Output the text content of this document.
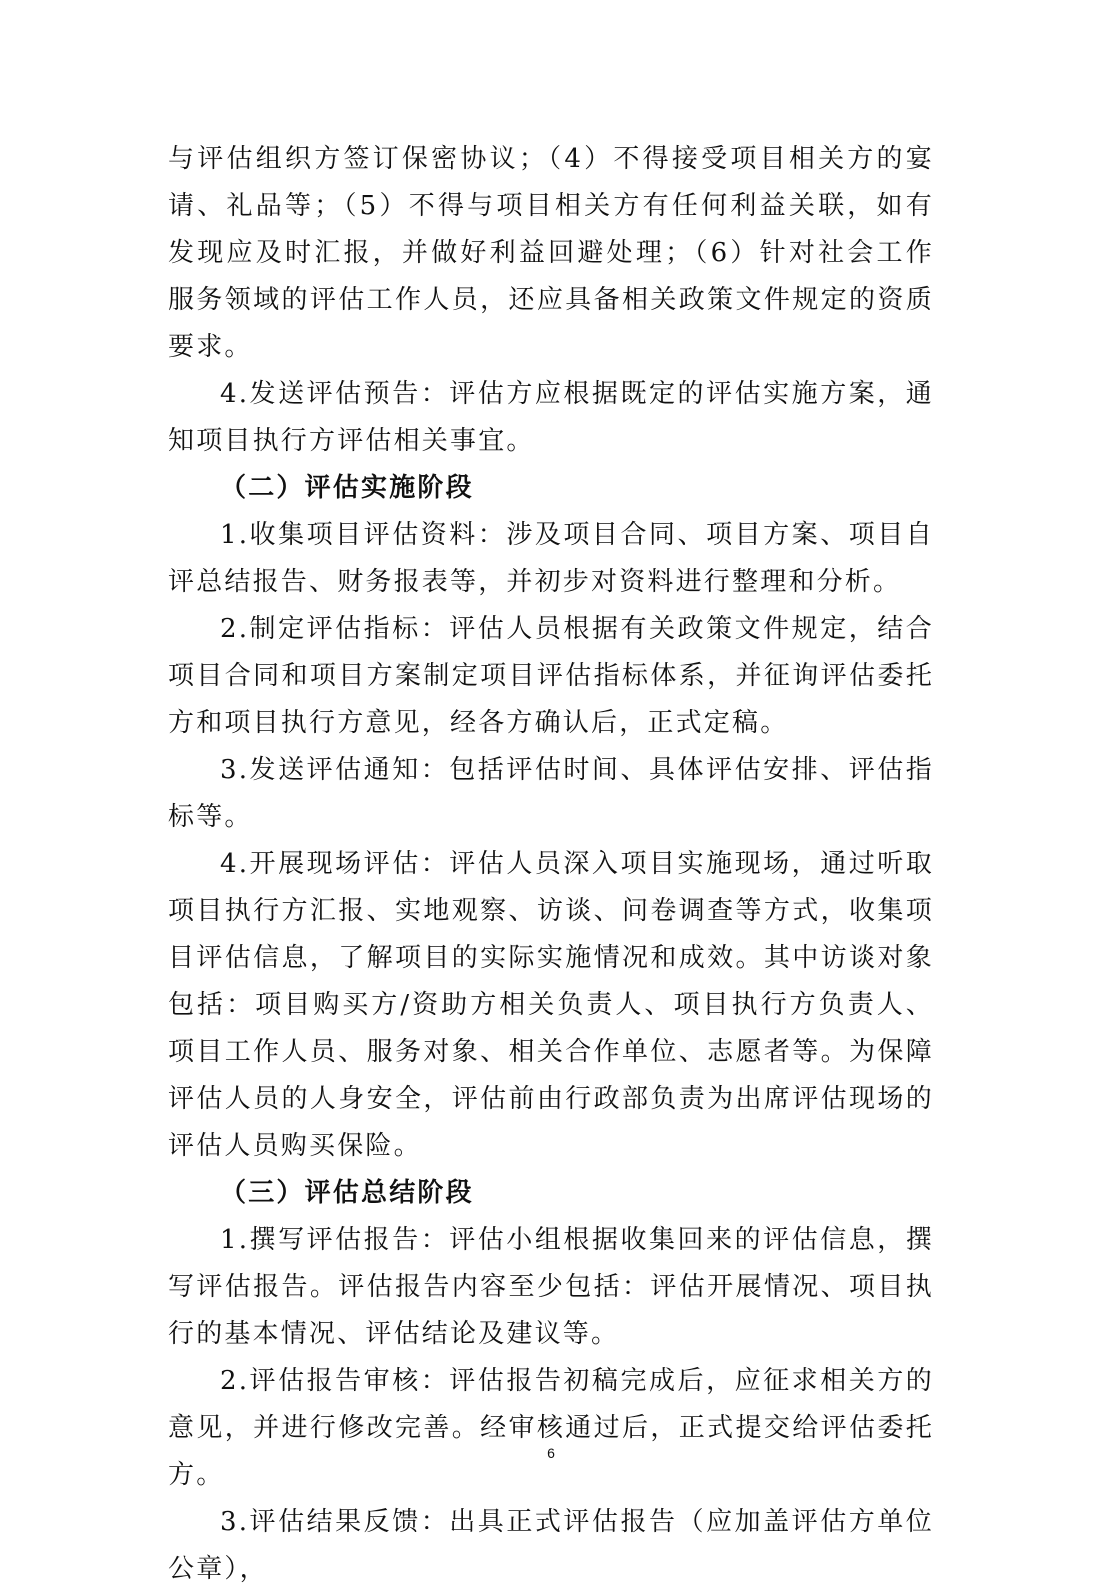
与评估组织方签订保密协议；（4）不得接受项目相关方的宴请、礼品等；（5）不得与项目相关方有任何利益关联，如有发现应及时汇报，并做好利益回避处理；（6）针对社会工作服务领域的评估工作人员，还应具备相关政策文件规定的资质要求。

4.发送评估预告：评估方应根据既定的评估实施方案，通知项目执行方评估相关事宜。

（二）评估实施阶段

1.收集项目评估资料：涉及项目合同、项目方案、项目自评总结报告、财务报表等，并初步对资料进行整理和分析。

2.制定评估指标：评估人员根据有关政策文件规定，结合项目合同和项目方案制定项目评估指标体系，并征询评估委托方和项目执行方意见，经各方确认后，正式定稿。

3.发送评估通知：包括评估时间、具体评估安排、评估指标等。

4.开展现场评估：评估人员深入项目实施现场，通过听取项目执行方汇报、实地观察、访谈、问卷调查等方式，收集项目评估信息，了解项目的实际实施情况和成效。其中访谈对象包括：项目购买方/资助方相关负责人、项目执行方负责人、项目工作人员、服务对象、相关合作单位、志愿者等。为保障评估人员的人身安全，评估前由行政部负责为出席评估现场的评估人员购买保险。

（三）评估总结阶段

1.撰写评估报告：评估小组根据收集回来的评估信息，撰写评估报告。评估报告内容至少包括：评估开展情况、项目执行的基本情况、评估结论及建议等。

2.评估报告审核：评估报告初稿完成后，应征求相关方的意见，并进行修改完善。经审核通过后，正式提交给评估委托方。

3.评估结果反馈：出具正式评估报告（应加盖评估方单位公章），

6
